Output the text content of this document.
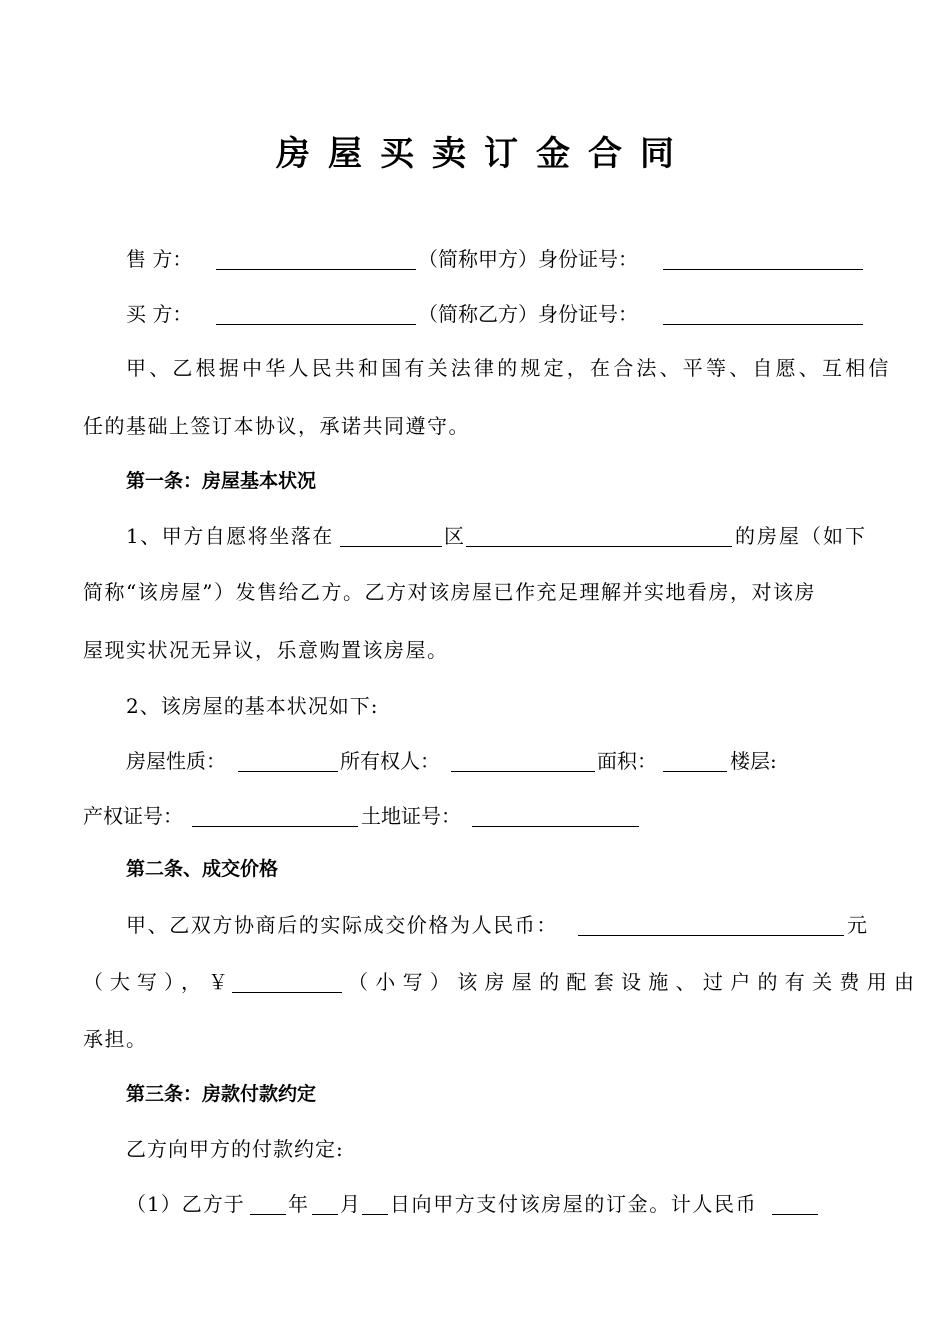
房屋买卖订金合同
售 方：	（简称甲方）身份证号：
买 方：	（简称乙方）身份证号：
甲、乙根据中华人民共和国有关法律的规定，在合法、平等、自愿、互相信
任的基础上签订本协议，承诺共同遵守。
第一条：房屋基本状况
1、甲方自愿将坐落在	区	的房屋（如下
简称“该房屋”）发售给乙方。乙方对该房屋已作充足理解并实地看房，对该房
屋现实状况无异议，乐意购置该房屋。
2、该房屋的基本状况如下:
房屋性质：	所有权人：	面积：	楼层:
产权证号：	土地证号：
第二条、成交价格
甲、乙双方协商后的实际成交价格为人民币：	元
（大写），￥	（小写）该房屋的配套设施、过户的有关费用由
承担。
第三条：房款付款约定
乙方向甲方的付款约定:
（1）乙方于 年 月 日向甲方支付该房屋的订金。计人民币
